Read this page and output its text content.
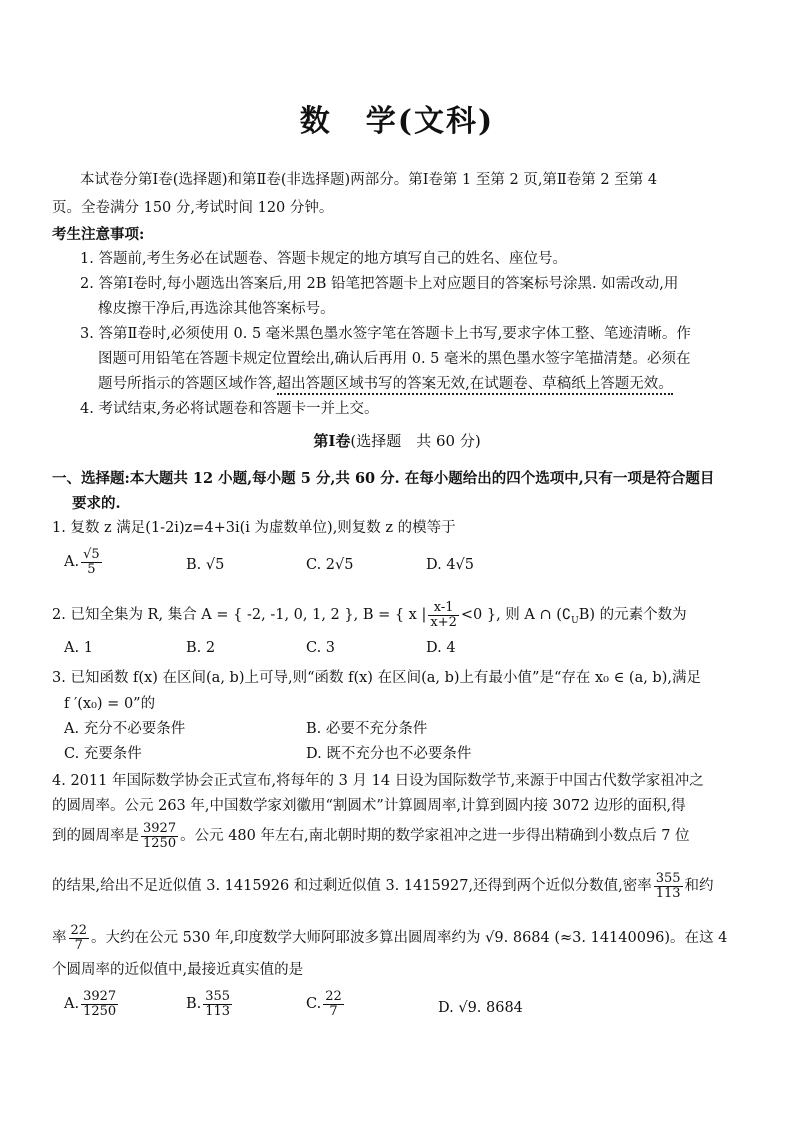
数 学(文科)
本试卷分第Ⅰ卷(选择题)和第Ⅱ卷(非选择题)两部分。第Ⅰ卷第 1 至第 2 页,第Ⅱ卷第 2 至第 4
页。全卷满分 150 分,考试时间 120 分钟。
考生注意事项:
1. 答题前,考生务必在试题卷、答题卡规定的地方填写自己的姓名、座位号。
2. 答第Ⅰ卷时,每小题选出答案后,用 2B 铅笔把答题卡上对应题目的答案标号涂黑. 如需改动,用
橡皮擦干净后,再选涂其他答案标号。
3. 答第Ⅱ卷时,必须使用 0. 5 毫米黑色墨水签字笔在答题卡上书写,要求字体工整、笔迹清晰。作
图题可用铅笔在答题卡规定位置绘出,确认后再用 0. 5 毫米的黑色墨水签字笔描清楚。必须在
题号所指示的答题区域作答,超出答题区域书写的答案无效,在试题卷、草稿纸上答题无效。
4. 考试结束,务必将试题卷和答题卡一并上交。
第Ⅰ卷(选择题　共 60 分)
一、选择题:本大题共 12 小题,每小题 5 分,共 60 分. 在每小题给出的四个选项中,只有一项是符合题目
要求的.
1. 复数 z 满足(1-2i)z=4+3i(i 为虚数单位),则复数 z 的模等于
A. $\frac{√5}{5}$	B. √5	C. 2√5	D. 4√5
2. 已知全集为 R, 集合 A = { -2, -1, 0, 1, 2 }, B = { x | $\frac{x-1}{x+2} <0$ }, 则 A ∩ $(∁_UB)$ 的元素个数为
A. 1	B. 2	C. 3	D. 4
3. 已知函数 f(x) 在区间(a, b)上可导,则“函数 f(x) 在区间(a, b)上有最小值”是“存在 x₀ ∈ (a, b),满足
f ′(x₀) = 0”的
A. 充分不必要条件	B. 必要不充分条件
C. 充要条件	D. 既不充分也不必要条件
4. 2011 年国际数学协会正式宣布,将每年的 3 月 14 日设为国际数学节,来源于中国古代数学家祖冲之
的圆周率。公元 263 年,中国数学家刘徽用“割圆术”计算圆周率,计算到圆内接 3072 边形的面积,得
到的圆周率是 $\frac{3927}{1250}$ 。公元 480 年左右,南北朝时期的数学家祖冲之进一步得出精确到小数点后 7 位
的结果,给出不足近似值 3. 1415926 和过剩近似值 3. 1415927,还得到两个近似分数值,密率 $\frac{355}{113}$ 和约
率 $\frac{22}{7}$ 。大约在公元 530 年,印度数学大师阿耶波多算出圆周率约为 √9. 8684 (≈3. 14140096)。在这 4
个圆周率的近似值中,最接近真实值的是
A. $\frac{3927}{1250}$	B. $\frac{355}{113}$	C. $\frac{22}{7}$	D. √9. 8684
